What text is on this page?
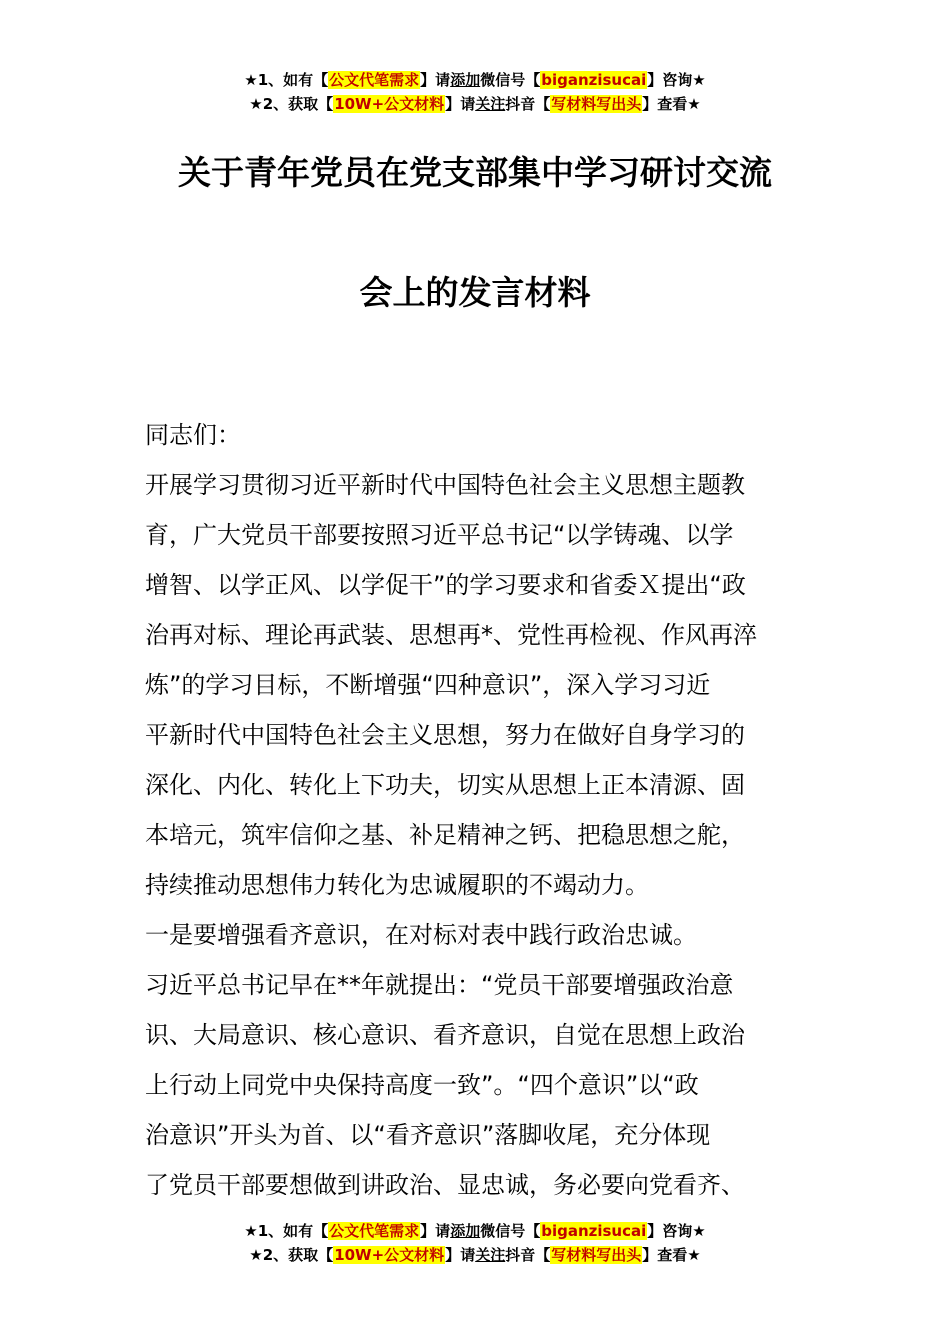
★1、如有【公文代笔需求】请添加微信号【biganzisucai】咨询★
★2、获取【10W+公文材料】请关注抖音【写材料写出头】查看★
关于青年党员在党支部集中学习研讨交流
会上的发言材料
同志们：
开展学习贯彻习近平新时代中国特色社会主义思想主题教
育，广大党员干部要按照习近平总书记“以学铸魂、以学
增智、以学正风、以学促干”的学习要求和省委Ｘ提出“政
治再对标、理论再武装、思想再*、党性再检视、作风再淬
炼”的学习目标，不断增强“四种意识”，深入学习习近
平新时代中国特色社会主义思想，努力在做好自身学习的
深化、内化、转化上下功夫，切实从思想上正本清源、固
本培元，筑牢信仰之基、补足精神之钙、把稳思想之舵，
持续推动思想伟力转化为忠诚履职的不竭动力。
一是要增强看齐意识，在对标对表中践行政治忠诚。
习近平总书记早在**年就提出：“党员干部要增强政治意
识、大局意识、核心意识、看齐意识，自觉在思想上政治
上行动上同党中央保持高度一致”。“四个意识”以“政
治意识”开头为首、以“看齐意识”落脚收尾，充分体现
了党员干部要想做到讲政治、显忠诚，务必要向党看齐、
★1、如有【公文代笔需求】请添加微信号【biganzisucai】咨询★
★2、获取【10W+公文材料】请关注抖音【写材料写出头】查看★
